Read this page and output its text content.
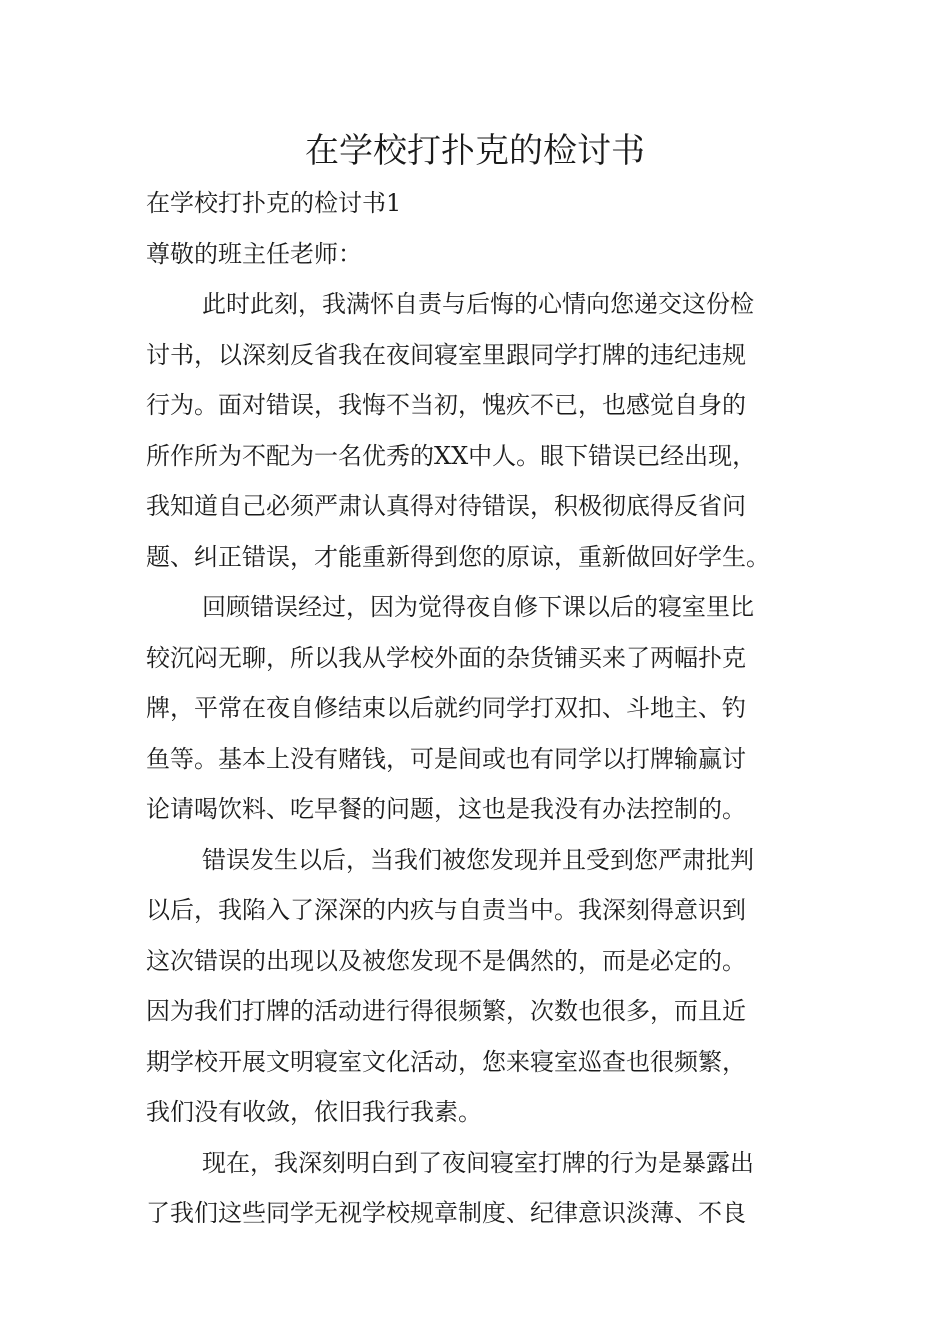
在学校打扑克的检讨书

在学校打扑克的检讨书1

尊敬的班主任老师：

此时此刻，我满怀自责与后悔的心情向您递交这份检

讨书，以深刻反省我在夜间寝室里跟同学打牌的违纪违规

行为。面对错误，我悔不当初，愧疚不已，也感觉自身的

所作所为不配为一名优秀的XX中人。眼下错误已经出现，

我知道自己必须严肃认真得对待错误，积极彻底得反省问

题、纠正错误，才能重新得到您的原谅，重新做回好学生。

回顾错误经过，因为觉得夜自修下课以后的寝室里比

较沉闷无聊，所以我从学校外面的杂货铺买来了两幅扑克

牌，平常在夜自修结束以后就约同学打双扣、斗地主、钓

鱼等。基本上没有赌钱，可是间或也有同学以打牌输赢讨

论请喝饮料、吃早餐的问题，这也是我没有办法控制的。

错误发生以后，当我们被您发现并且受到您严肃批判

以后，我陷入了深深的内疚与自责当中。我深刻得意识到

这次错误的出现以及被您发现不是偶然的，而是必定的。

因为我们打牌的活动进行得很频繁，次数也很多，而且近

期学校开展文明寝室文化活动，您来寝室巡查也很频繁，

我们没有收敛，依旧我行我素。

现在，我深刻明白到了夜间寝室打牌的行为是暴露出

了我们这些同学无视学校规章制度、纪律意识淡薄、不良
